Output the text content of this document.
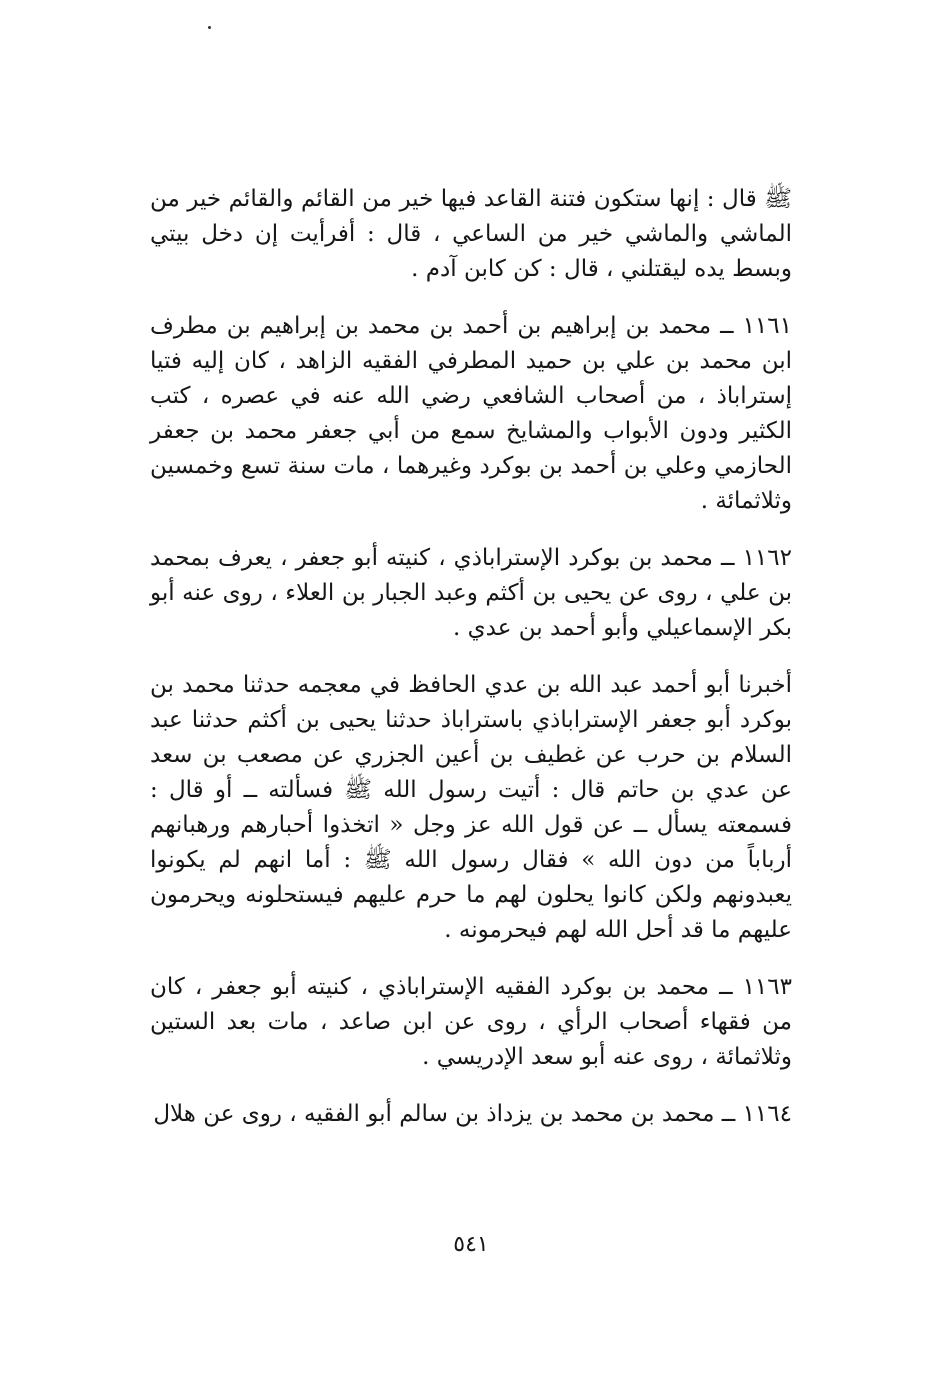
ﷺ قال : إنها ستكون فتنة القاعد فيها خير من القائم والقائم خير من الماشي والماشي خير من الساعي ، قال : أفرأيت إن دخل بيتي وبسط يده ليقتلني ، قال : كن كابن آدم .

١١٦١ ــ محمد بن إبراهيم بن أحمد بن محمد بن إبراهيم بن مطرف ابن محمد بن علي بن حميد المطرفي الفقيه الزاهد ، كان إليه فتيا إستراباذ ، من أصحاب الشافعي رضي الله عنه في عصره ، كتب الكثير ودون الأبواب والمشايخ سمع من أبي جعفر محمد بن جعفر الحازمي وعلي بن أحمد بن بوكرد وغيرهما ، مات سنة تسع وخمسين وثلاثمائة .

١١٦٢ ــ محمد بن بوكرد الإستراباذي ، كنيته أبو جعفر ، يعرف بمحمد بن علي ، روى عن يحيى بن أكثم وعبد الجبار بن العلاء ، روى عنه أبو بكر الإسماعيلي وأبو أحمد بن عدي .

أخبرنا أبو أحمد عبد الله بن عدي الحافظ في معجمه حدثنا محمد بن بوكرد أبو جعفر الإستراباذي باستراباذ حدثنا يحيى بن أكثم حدثنا عبد السلام بن حرب عن غطيف بن أعين الجزري عن مصعب بن سعد عن عدي بن حاتم قال : أتيت رسول الله ﷺ فسألته ــ أو قال : فسمعته يسأل ــ عن قول الله عز وجل « اتخذوا أحبارهم ورهبانهم أرباباً من دون الله » فقال رسول الله ﷺ : أما انهم لم يكونوا يعبدونهم ولكن كانوا يحلون لهم ما حرم عليهم فيستحلونه ويحرمون عليهم ما قد أحل الله لهم فيحرمونه .

١١٦٣ ــ محمد بن بوكرد الفقيه الإستراباذي ، كنيته أبو جعفر ، كان من فقهاء أصحاب الرأي ، روى عن ابن صاعد ، مات بعد الستين وثلاثمائة ، روى عنه أبو سعد الإدريسي .

١١٦٤ ــ محمد بن محمد بن يزداذ بن سالم أبو الفقيه ، روى عن هلال

٥٤١
